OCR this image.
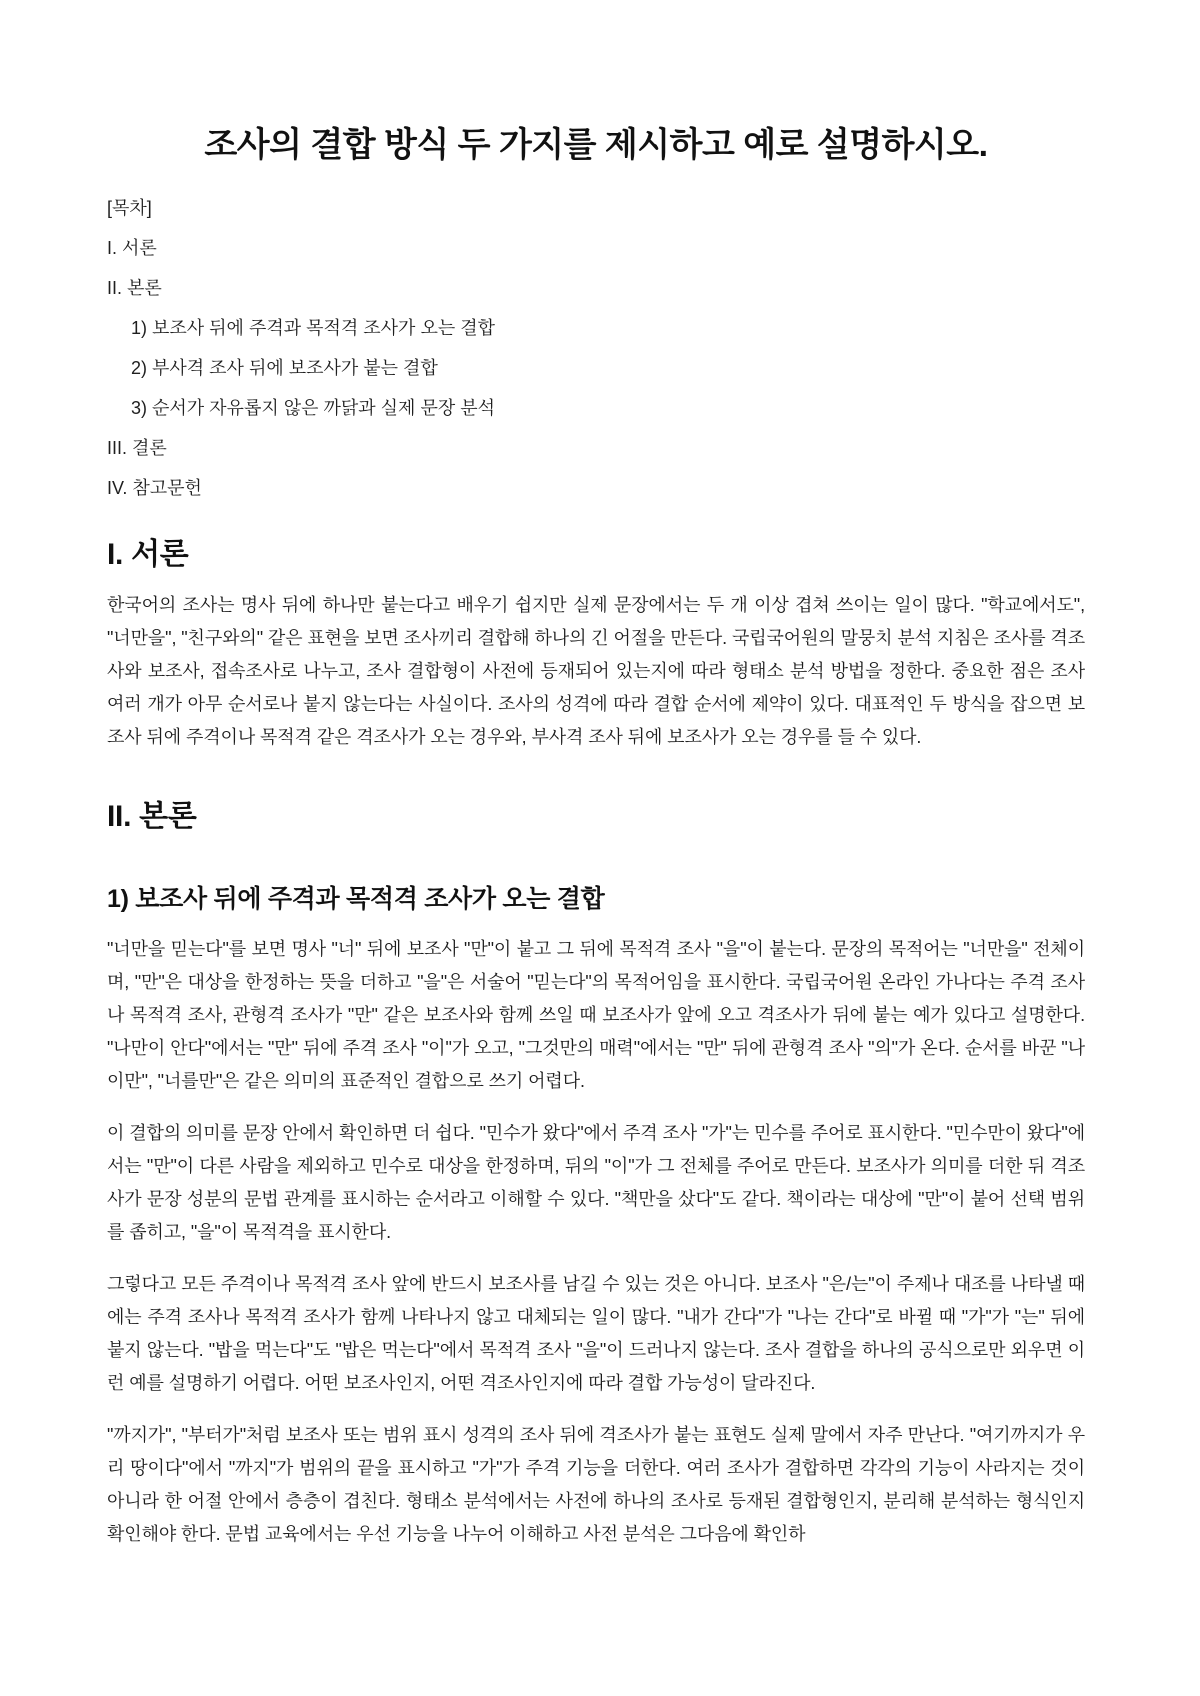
조사의 결합 방식 두 가지를 제시하고 예로 설명하시오.
[목차]
I. 서론
II. 본론
1) 보조사 뒤에 주격과 목적격 조사가 오는 결합
2) 부사격 조사 뒤에 보조사가 붙는 결합
3) 순서가 자유롭지 않은 까닭과 실제 문장 분석
III. 결론
IV. 참고문헌
I. 서론

한국어의 조사는 명사 뒤에 하나만 붙는다고 배우기 쉽지만 실제 문장에서는 두 개 이상 겹쳐 쓰이는 일이 많다. "학교에서도", "너만을", "친구와의" 같은 표현을 보면 조사끼리 결합해 하나의 긴 어절을 만든다. 국립국어원의 말뭉치 분석 지침은 조사를 격조사와 보조사, 접속조사로 나누고, 조사 결합형이 사전에 등재되어 있는지에 따라 형태소 분석 방법을 정한다. 중요한 점은 조사 여러 개가 아무 순서로나 붙지 않는다는 사실이다. 조사의 성격에 따라 결합 순서에 제약이 있다. 대표적인 두 방식을 잡으면 보조사 뒤에 주격이나 목적격 같은 격조사가 오는 경우와, 부사격 조사 뒤에 보조사가 오는 경우를 들 수 있다.

II. 본론
1) 보조사 뒤에 주격과 목적격 조사가 오는 결합

"너만을 믿는다"를 보면 명사 "너" 뒤에 보조사 "만"이 붙고 그 뒤에 목적격 조사 "을"이 붙는다. 문장의 목적어는 "너만을" 전체이며, "만"은 대상을 한정하는 뜻을 더하고 "을"은 서술어 "믿는다"의 목적어임을 표시한다. 국립국어원 온라인 가나다는 주격 조사나 목적격 조사, 관형격 조사가 "만" 같은 보조사와 함께 쓰일 때 보조사가 앞에 오고 격조사가 뒤에 붙는 예가 있다고 설명한다. "나만이 안다"에서는 "만" 뒤에 주격 조사 "이"가 오고, "그것만의 매력"에서는 "만" 뒤에 관형격 조사 "의"가 온다. 순서를 바꾼 "나이만", "너를만"은 같은 의미의 표준적인 결합으로 쓰기 어렵다.

이 결합의 의미를 문장 안에서 확인하면 더 쉽다. "민수가 왔다"에서 주격 조사 "가"는 민수를 주어로 표시한다. "민수만이 왔다"에서는 "만"이 다른 사람을 제외하고 민수로 대상을 한정하며, 뒤의 "이"가 그 전체를 주어로 만든다. 보조사가 의미를 더한 뒤 격조사가 문장 성분의 문법 관계를 표시하는 순서라고 이해할 수 있다. "책만을 샀다"도 같다. 책이라는 대상에 "만"이 붙어 선택 범위를 좁히고, "을"이 목적격을 표시한다.

그렇다고 모든 주격이나 목적격 조사 앞에 반드시 보조사를 남길 수 있는 것은 아니다. 보조사 "은/는"이 주제나 대조를 나타낼 때에는 주격 조사나 목적격 조사가 함께 나타나지 않고 대체되는 일이 많다. "내가 간다"가 "나는 간다"로 바뀔 때 "가"가 "는" 뒤에 붙지 않는다. "밥을 먹는다"도 "밥은 먹는다"에서 목적격 조사 "을"이 드러나지 않는다. 조사 결합을 하나의 공식으로만 외우면 이런 예를 설명하기 어렵다. 어떤 보조사인지, 어떤 격조사인지에 따라 결합 가능성이 달라진다.

"까지가", "부터가"처럼 보조사 또는 범위 표시 성격의 조사 뒤에 격조사가 붙는 표현도 실제 말에서 자주 만난다. "여기까지가 우리 땅이다"에서 "까지"가 범위의 끝을 표시하고 "가"가 주격 기능을 더한다. 여러 조사가 결합하면 각각의 기능이 사라지는 것이 아니라 한 어절 안에서 층층이 겹친다. 형태소 분석에서는 사전에 하나의 조사로 등재된 결합형인지, 분리해 분석하는 형식인지 확인해야 한다. 문법 교육에서는 우선 기능을 나누어 이해하고 사전 분석은 그다음에 확인하
